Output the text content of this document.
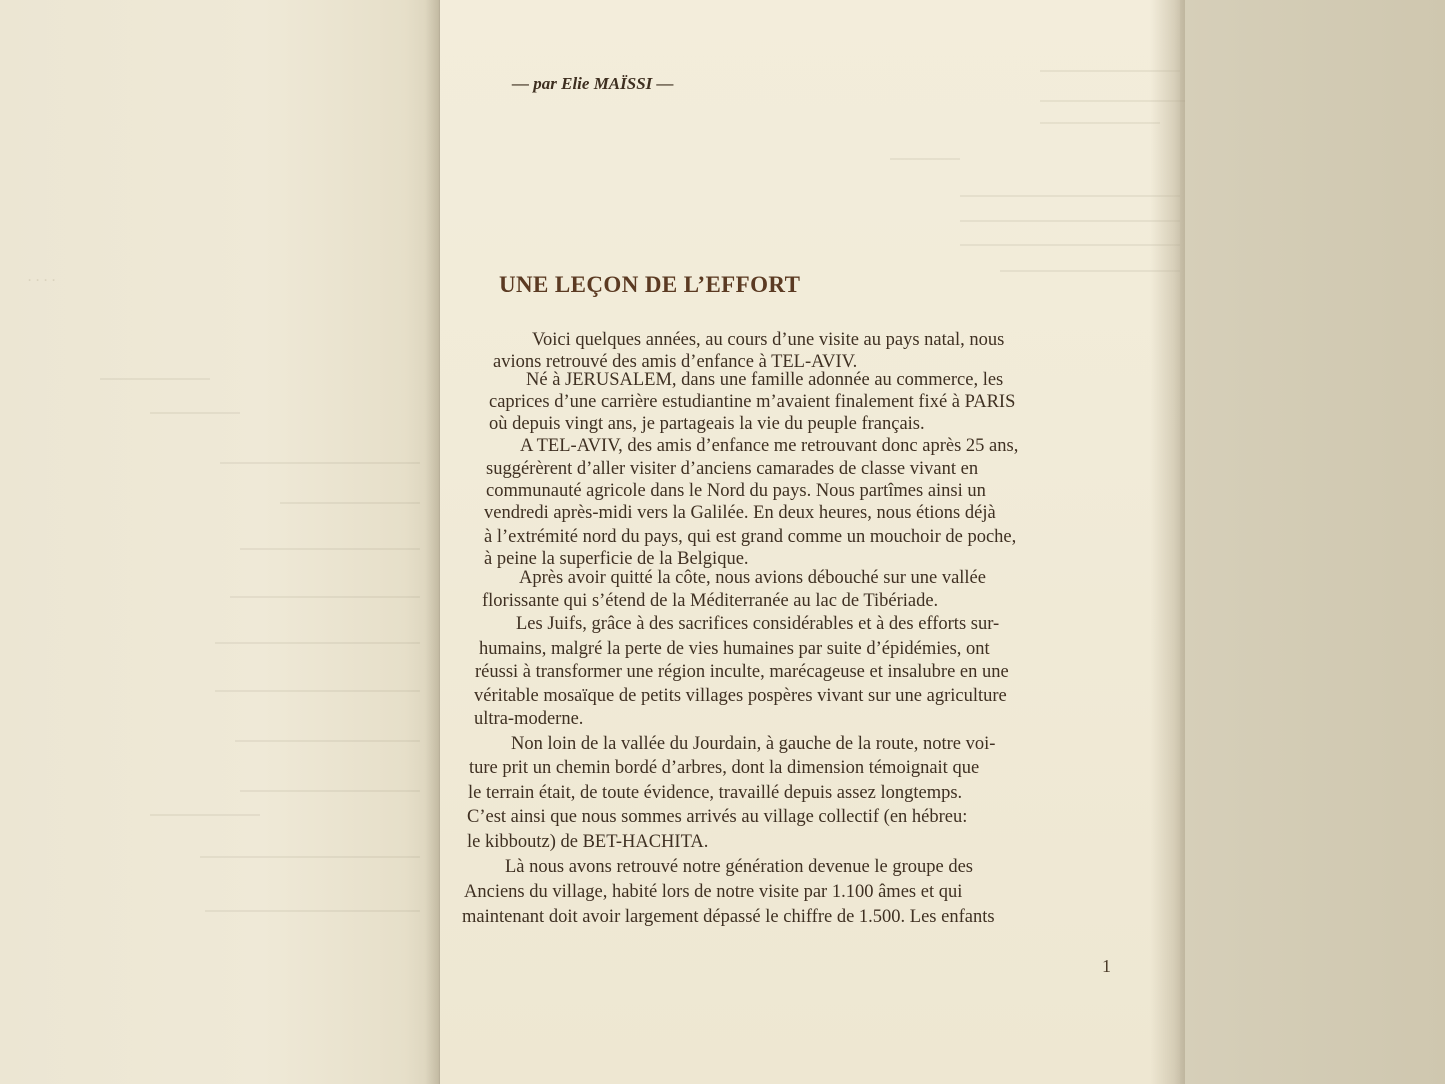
. . . .
— par Elie MAÏSSI —
UNE LEÇON DE L’EFFORT
Voici quelques années, au cours d’une visite au pays natal, nous
avions retrouvé des amis d’enfance à TEL-AVIV.
Né à JERUSALEM, dans une famille adonnée au commerce, les
caprices d’une carrière estudiantine m’avaient finalement fixé à PARIS
où depuis vingt ans, je partageais la vie du peuple français.
A TEL-AVIV, des amis d’enfance me retrouvant donc après 25 ans,
suggérèrent d’aller visiter d’anciens camarades de classe vivant en
communauté agricole dans le Nord du pays. Nous partîmes ainsi un
vendredi après-midi vers la Galilée. En deux heures, nous étions déjà
à l’extrémité nord du pays, qui est grand comme un mouchoir de poche,
à peine la superficie de la Belgique.
Après avoir quitté la côte, nous avions débouché sur une vallée
florissante qui s’étend de la Méditerranée au lac de Tibériade.
Les Juifs, grâce à des sacrifices considérables et à des efforts sur-
humains, malgré la perte de vies humaines par suite d’épidémies, ont
réussi à transformer une région inculte, marécageuse et insalubre en une
véritable mosaïque de petits villages pospères vivant sur une agriculture
ultra-moderne.
Non loin de la vallée du Jourdain, à gauche de la route, notre voi-
ture prit un chemin bordé d’arbres, dont la dimension témoignait que
le terrain était, de toute évidence, travaillé depuis assez longtemps.
C’est ainsi que nous sommes arrivés au village collectif (en hébreu:
le kibboutz) de BET-HACHITA.
Là nous avons retrouvé notre génération devenue le groupe des
Anciens du village, habité lors de notre visite par 1.100 âmes et qui
maintenant doit avoir largement dépassé le chiffre de 1.500. Les enfants
1
